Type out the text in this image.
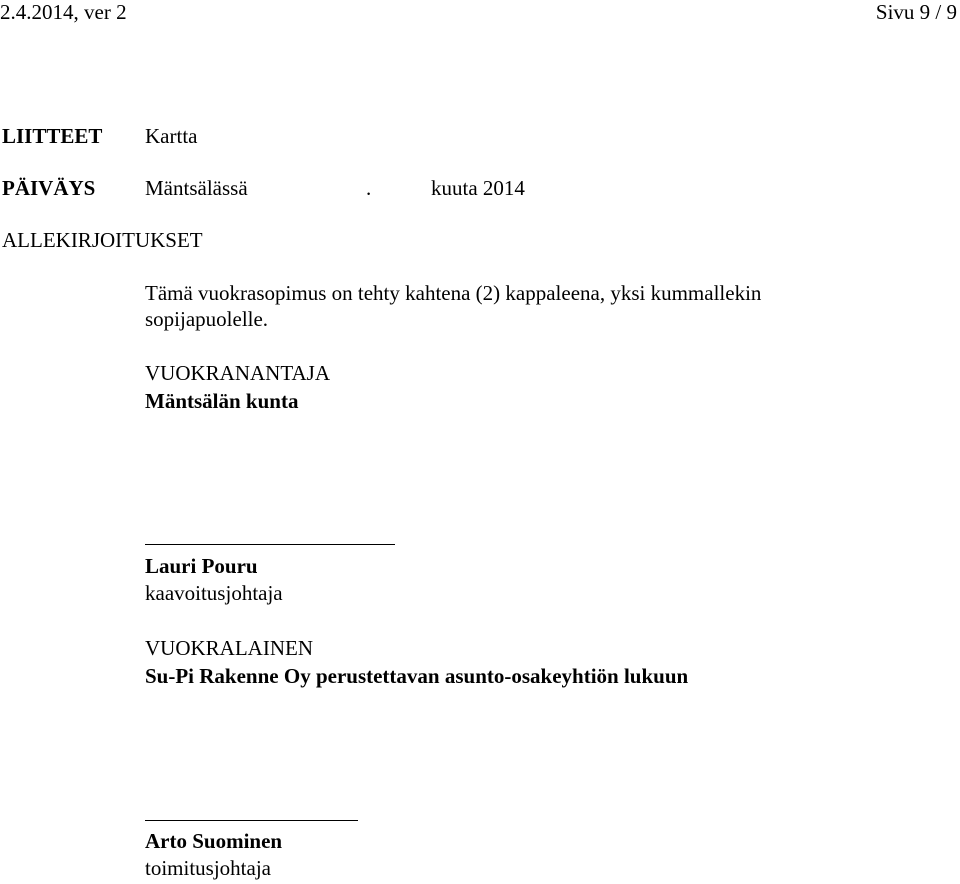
2.4.2014, ver 2	Sivu 9 / 9
LIITTEET Kartta
PÄIVÄYS Mäntsälässä	.	kuuta 2014
ALLEKIRJOITUKSET
Tämä vuokrasopimus on tehty kahtena (2) kappaleena, yksi kummallekin
sopijapuolelle.
VUOKRANANTAJA
Mäntsälän kunta
Lauri Pouru
kaavoitusjohtaja
VUOKRALAINEN
Su-Pi Rakenne Oy perustettavan asunto-osakeyhtiön lukuun
Arto Suominen
toimitusjohtaja
